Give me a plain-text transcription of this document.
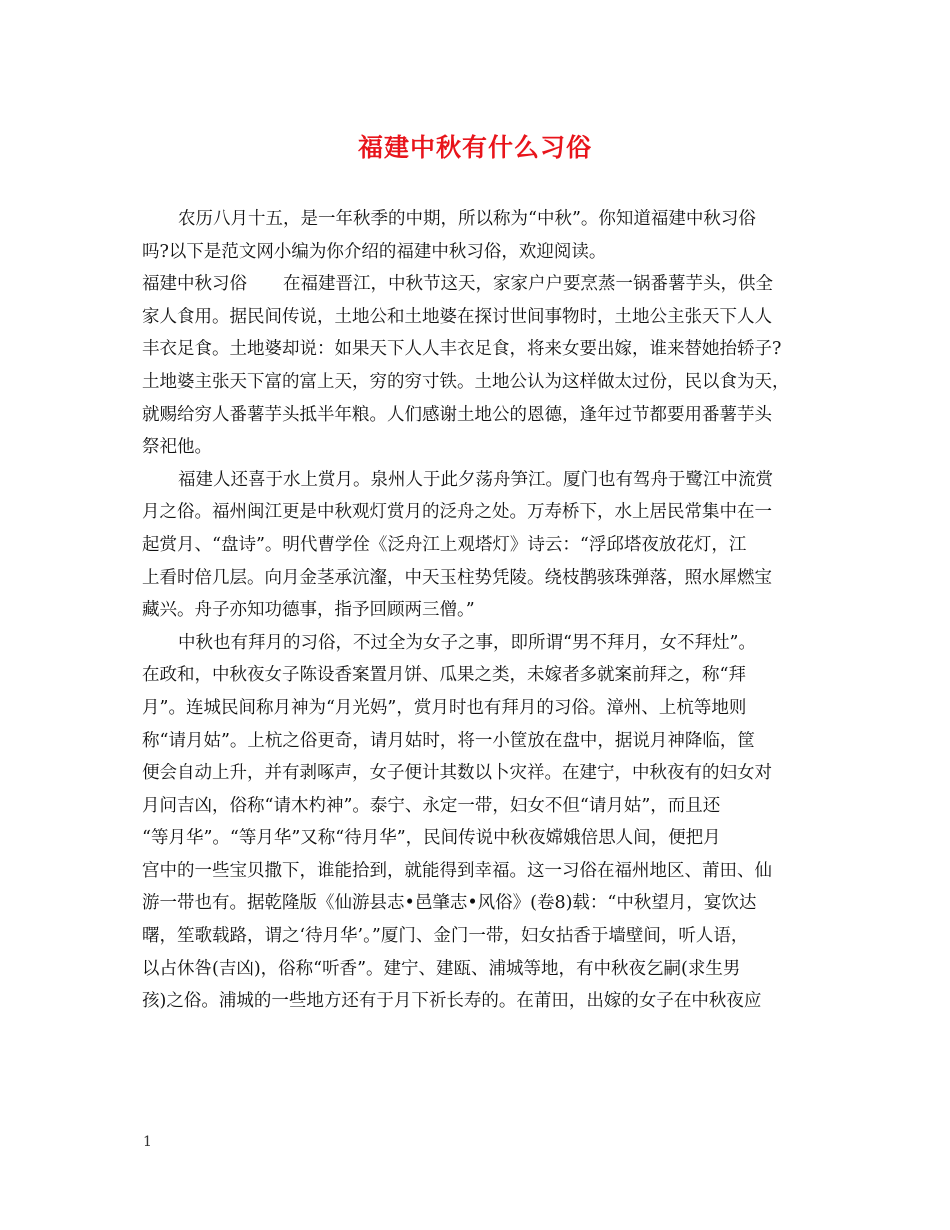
福建中秋有什么习俗
农历八月十五，是一年秋季的中期，所以称为“中秋”。你知道福建中秋习俗
吗?以下是范文网小编为你介绍的福建中秋习俗，欢迎阅读。
福建中秋习俗 在福建晋江，中秋节这天，家家户户要烹蒸一锅番薯芋头，供全
家人食用。据民间传说，土地公和土地婆在探讨世间事物时，土地公主张天下人人
丰衣足食。土地婆却说：如果天下人人丰衣足食，将来女要出嫁，谁来替她抬轿子?
土地婆主张天下富的富上天，穷的穷寸铁。土地公认为这样做太过份，民以食为天，
就赐给穷人番薯芋头抵半年粮。人们感谢土地公的恩德，逢年过节都要用番薯芋头
祭祀他。
福建人还喜于水上赏月。泉州人于此夕荡舟笋江。厦门也有驾舟于鹭江中流赏
月之俗。福州闽江更是中秋观灯赏月的泛舟之处。万寿桥下，水上居民常集中在一
起赏月、“盘诗”。明代曹学佺《泛舟江上观塔灯》诗云：“浮邱塔夜放花灯，江
上看时倍几层。向月金茎承沆瀣，中天玉柱势凭陵。绕枝鹊骇珠弹落，照水犀燃宝
藏兴。舟子亦知功德事，指予回顾两三僧。”
中秋也有拜月的习俗，不过全为女子之事，即所谓“男不拜月，女不拜灶”。
在政和，中秋夜女子陈设香案置月饼、瓜果之类，未嫁者多就案前拜之，称“拜
月”。连城民间称月神为“月光妈”，赏月时也有拜月的习俗。漳州、上杭等地则
称“请月姑”。上杭之俗更奇，请月姑时，将一小筐放在盘中，据说月神降临，筐
便会自动上升，并有剥啄声，女子便计其数以卜灾祥。在建宁，中秋夜有的妇女对
月问吉凶，俗称“请木杓神”。泰宁、永定一带，妇女不但“请月姑”，而且还
“等月华”。“等月华”又称“待月华”，民间传说中秋夜嫦娥倍思人间，便把月
宫中的一些宝贝撒下，谁能拾到，就能得到幸福。这一习俗在福州地区、莆田、仙
游一带也有。据乾隆版《仙游县志•邑肇志•风俗》(卷8)载：“中秋望月，宴饮达
曙，笙歌载路，谓之‘待月华’。”厦门、金门一带，妇女拈香于墙壁间，听人语，
以占休咎(吉凶)，俗称“听香”。建宁、建瓯、浦城等地，有中秋夜乞嗣(求生男
孩)之俗。浦城的一些地方还有于月下祈长寿的。在莆田，出嫁的女子在中秋夜应
1
